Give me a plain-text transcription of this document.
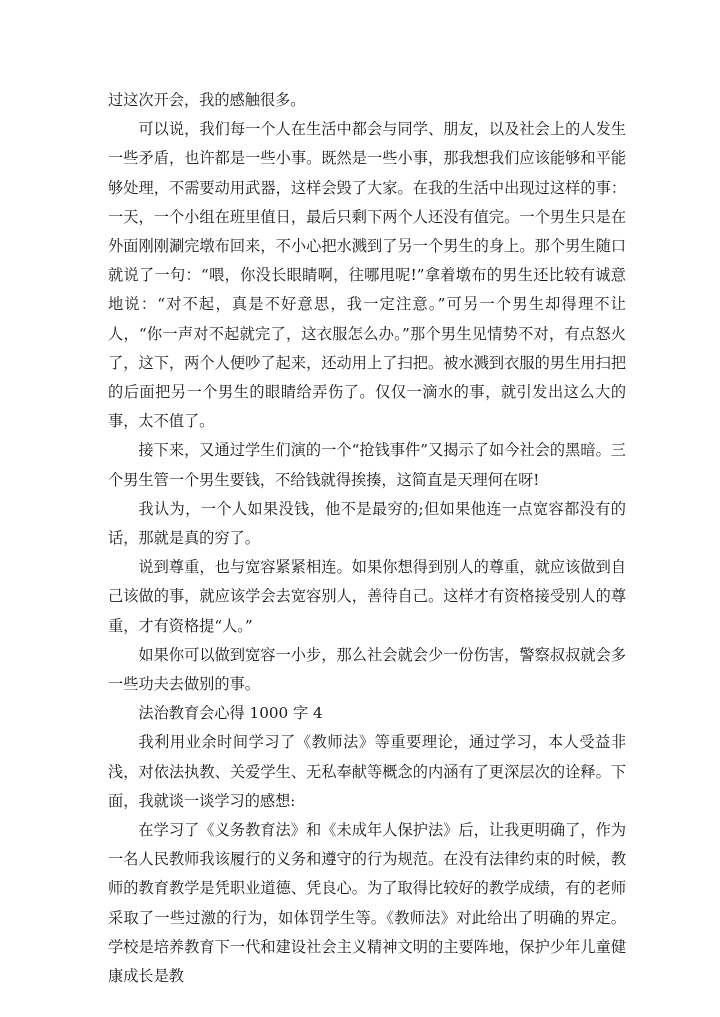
过这次开会，我的感触很多。

可以说，我们每一个人在生活中都会与同学、朋友，以及社会上的人发生一些矛盾，也许都是一些小事。既然是一些小事，那我想我们应该能够和平能够处理，不需要动用武器，这样会毁了大家。在我的生活中出现过这样的事：一天，一个小组在班里值日，最后只剩下两个人还没有值完。一个男生只是在外面刚刚涮完墩布回来，不小心把水溅到了另一个男生的身上。那个男生随口就说了一句：“喂，你没长眼睛啊，往哪甩呢!”拿着墩布的男生还比较有诚意地说：“对不起，真是不好意思，我一定注意。”可另一个男生却得理不让人，“你一声对不起就完了，这衣服怎么办。”那个男生见情势不对，有点怒火了，这下，两个人便吵了起来，还动用上了扫把。被水溅到衣服的男生用扫把的后面把另一个男生的眼睛给弄伤了。仅仅一滴水的事，就引发出这么大的事，太不值了。

接下来，又通过学生们演的一个“抢钱事件”又揭示了如今社会的黑暗。三个男生管一个男生要钱，不给钱就得挨揍，这简直是天理何在呀!

我认为，一个人如果没钱，他不是最穷的;但如果他连一点宽容都没有的话，那就是真的穷了。

说到尊重，也与宽容紧紧相连。如果你想得到别人的尊重，就应该做到自己该做的事，就应该学会去宽容别人，善待自己。这样才有资格接受别人的尊重，才有资格提“人。”

如果你可以做到宽容一小步，那么社会就会少一份伤害，警察叔叔就会多一些功夫去做别的事。

法治教育会心得 1000 字 4

我利用业余时间学习了《教师法》等重要理论，通过学习，本人受益非浅，对依法执教、关爱学生、无私奉献等概念的内涵有了更深层次的诠释。下面，我就谈一谈学习的感想:

在学习了《义务教育法》和《未成年人保护法》后，让我更明确了，作为一名人民教师我该履行的义务和遵守的行为规范。在没有法律约束的时候，教师的教育教学是凭职业道德、凭良心。为了取得比较好的教学成绩，有的老师采取了一些过激的行为，如体罚学生等。《教师法》对此给出了明确的界定。学校是培养教育下一代和建设社会主义精神文明的主要阵地，保护少年儿童健康成长是教
